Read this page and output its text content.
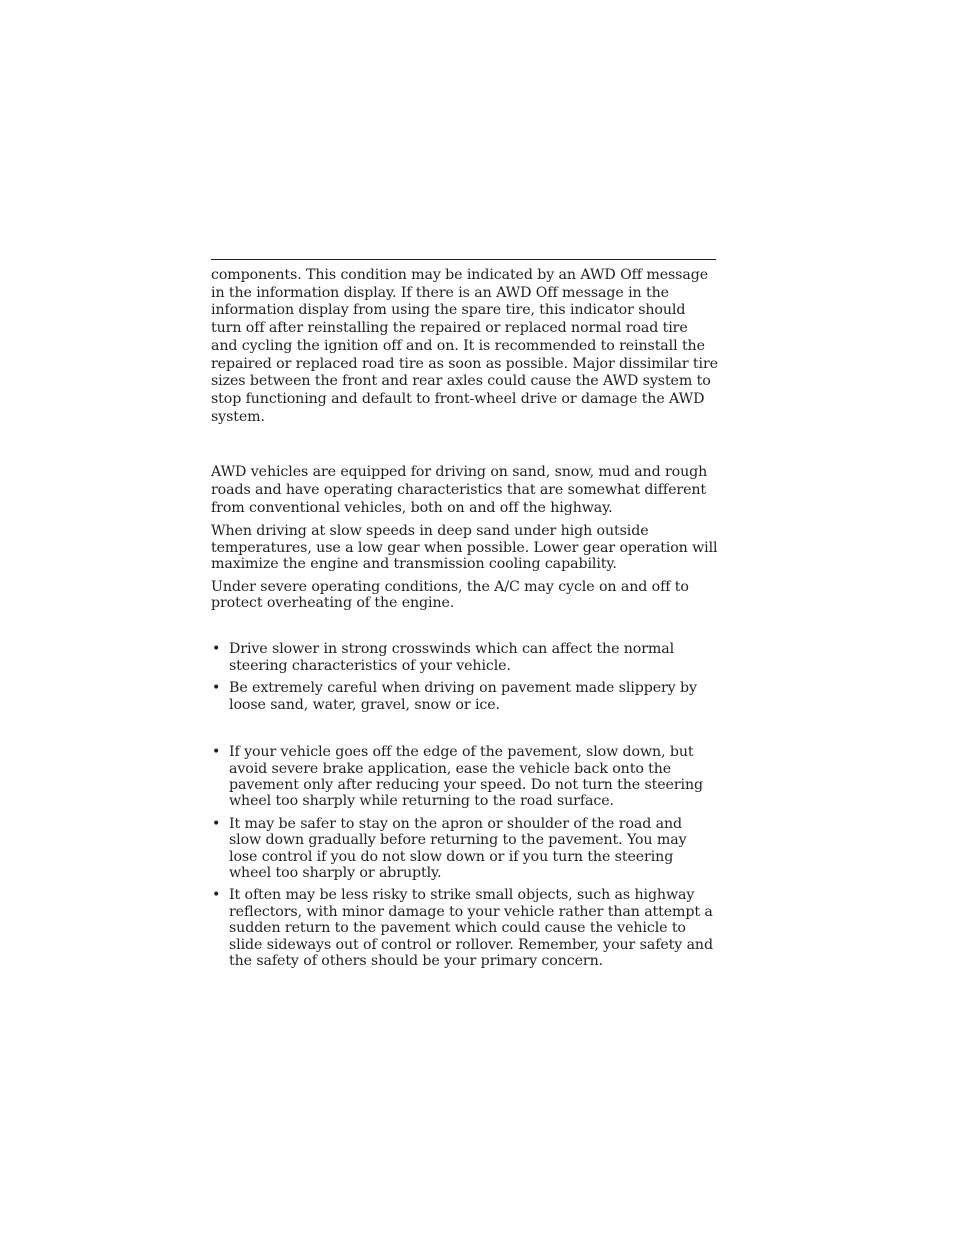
components. This condition may be indicated by an AWD Off message in the information display. If there is an AWD Off message in the information display from using the spare tire, this indicator should turn off after reinstalling the repaired or replaced normal road tire and cycling the ignition off and on. It is recommended to reinstall the repaired or replaced road tire as soon as possible. Major dissimilar tire sizes between the front and rear axles could cause the AWD system to stop functioning and default to front-wheel drive or damage the AWD system.

AWD vehicles are equipped for driving on sand, snow, mud and rough roads and have operating characteristics that are somewhat different from conventional vehicles, both on and off the highway.

When driving at slow speeds in deep sand under high outside temperatures, use a low gear when possible. Lower gear operation will maximize the engine and transmission cooling capability.

Under severe operating conditions, the A/C may cycle on and off to protect overheating of the engine.

• Drive slower in strong crosswinds which can affect the normal steering characteristics of your vehicle.
• Be extremely careful when driving on pavement made slippery by loose sand, water, gravel, snow or ice.
• If your vehicle goes off the edge of the pavement, slow down, but avoid severe brake application, ease the vehicle back onto the pavement only after reducing your speed. Do not turn the steering wheel too sharply while returning to the road surface.
• It may be safer to stay on the apron or shoulder of the road and slow down gradually before returning to the pavement. You may lose control if you do not slow down or if you turn the steering wheel too sharply or abruptly.
• It often may be less risky to strike small objects, such as highway reflectors, with minor damage to your vehicle rather than attempt a sudden return to the pavement which could cause the vehicle to slide sideways out of control or rollover. Remember, your safety and the safety of others should be your primary concern.
